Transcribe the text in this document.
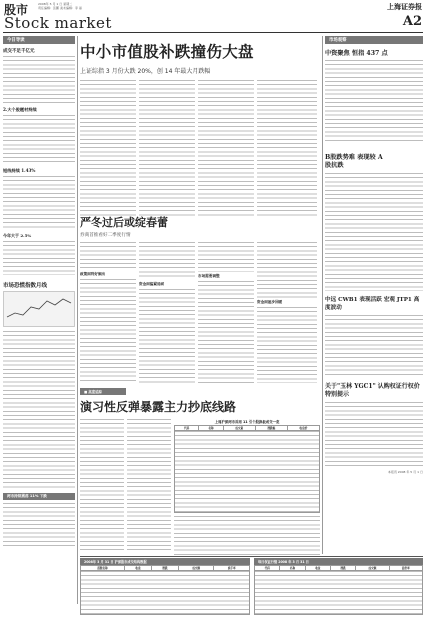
股市
Stock market
2008年 5 月 1 日 星期二
责任编辑：张鹏 美术编辑：李 丽	上海证券报
A2
今日导读
成交不足千亿元
2.大个股题材持续
短线持续 1.43%
今年大于 2.5%
市场恐慌指数月线
两市持续震荡 11% 下跌
中小市值股补跌撞伤大盘
上证综指 3 月份大跌 20%，创 14 年最大月跌幅
严冬过后或绽春蕾
券商首推看好二季度行情
政策面利好频出
资金面偏紧局面
市场需要调整
资金面逐步回暖
■ 高度追踪
演习性反弹暴露主力抄底线路
上周沪深两市首周 11 引个股换板成交一览
代码	名称	成交量	涨跌幅	收盘价
市场观察
中资聚焦 恒指 437 点
B股跌势难 表现较 A 股抗跌
中远 CWB1 表现活跃 宏观 JTP1 高度波动
关于"玉林 YGC1" 认购权证行权价特别提示
本报讯 2008 年 5 月 1 日
2008年 3 月 31 日 沪深股市成交结构数据
指数名称	收盘	涨跌	成交额	换手率
每日权证行情 2008 年 3 月 31 日
代码	名称	收盘	涨跌	成交额	溢价率
